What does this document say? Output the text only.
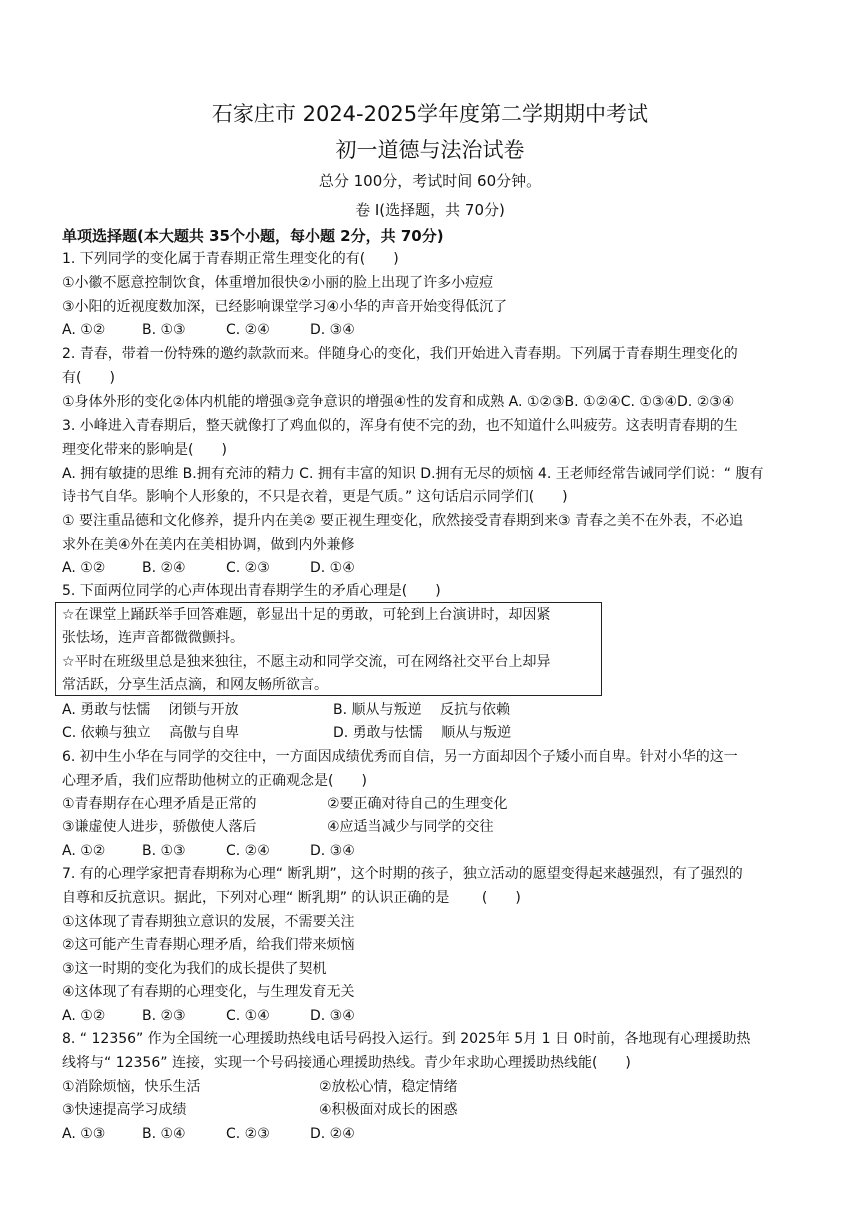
石家庄市 2024-2025学年度第二学期期中考试
初一道德与法治试卷
总分 100分，考试时间 60分钟。
卷 I(选择题，共 70分)
单项选择题(本大题共 35个小题，每小题 2分，共 70分)
1. 下列同学的变化属于青春期正常生理变化的有(　　)
①小徽不愿意控制饮食，体重增加很快②小丽的脸上出现了许多小痘痘
③小阳的近视度数加深，已经影响课堂学习④小华的声音开始变得低沉了
A. ①②	B. ①③	C. ②④	D. ③④
2. 青春，带着一份特殊的邀约款款而来。伴随身心的变化，我们开始进入青春期。下列属于青春期生理变化的
有(　　)
①身体外形的变化②体内机能的增强③竞争意识的增强④性的发育和成熟 A. ①②③B. ①②④C. ①③④D. ②③④
3. 小峰进入青春期后，整天就像打了鸡血似的，浑身有使不完的劲，也不知道什么叫疲劳。这表明青春期的生
理变化带来的影响是(　　)
A. 拥有敏捷的思维 B.拥有充沛的精力 C. 拥有丰富的知识 D.拥有无尽的烦恼 4. 王老师经常告诫同学们说：“ 腹有
诗书气自华。影响个人形象的，不只是衣着，更是气质。” 这句话启示同学们(　　)
① 要注重品德和文化修养，提升内在美② 要正视生理变化，欣然接受青春期到来③ 青春之美不在外表，不必追
求外在美④外在美内在美相协调，做到内外兼修
A. ①②	B. ②④	C. ②③	D. ①④
5. 下面两位同学的心声体现出青春期学生的矛盾心理是(　　)
☆在课堂上踊跃举手回答难题，彰显出十足的勇敢，可轮到上台演讲时，却因紧
张怯场，连声音都微微颤抖。
☆平时在班级里总是独来独往，不愿主动和同学交流，可在网络社交平台上却异
常活跃，分享生活点滴，和网友畅所欲言。
A. 勇敢与怯懦　 闭锁与开放	B. 顺从与叛逆　 反抗与依赖
C. 依赖与独立　 高傲与自卑	D. 勇敢与怯懦　 顺从与叛逆
6. 初中生小华在与同学的交往中，一方面因成绩优秀而自信，另一方面却因个子矮小而自卑。针对小华的这一
心理矛盾，我们应帮助他树立的正确观念是(　　)
①青春期存在心理矛盾是正常的	②要正确对待自己的生理变化
③谦虚使人进步，骄傲使人落后	④应适当减少与同学的交往
A. ①②	B. ①③	C. ②④	D. ③④
7. 有的心理学家把青春期称为心理“ 断乳期”，这个时期的孩子，独立活动的愿望变得起来越强烈，有了强烈的
自尊和反抗意识。据此，下列对心理“ 断乳期” 的认识正确的是　　 (　　)
①这体现了青春期独立意识的发展，不需要关注
②这可能产生青春期心理矛盾，给我们带来烦恼
③这一时期的变化为我们的成长提供了契机
④这体现了有春期的心理变化，与生理发育无关
A. ①②	B. ②③	C. ①④	D. ③④
8. “ 12356” 作为全国统一心理援助热线电话号码投入运行。到 2025年 5月 1 日 0时前，各地现有心理援助热
线将与“ 12356” 连接，实现一个号码接通心理援助热线。青少年求助心理援助热线能(　　)
①消除烦恼，快乐生活	②放松心情，稳定情绪
③快速提高学习成绩	④积极面对成长的困惑
A. ①③	B. ①④	C. ②③	D. ②④
